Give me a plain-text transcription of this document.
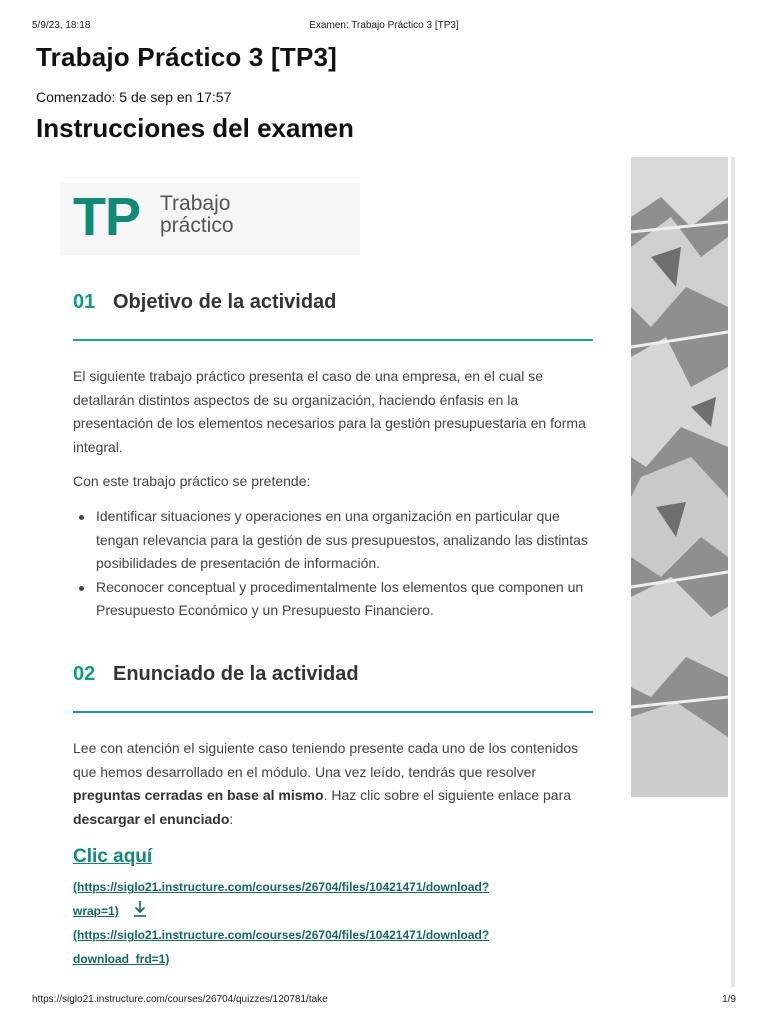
5/9/23, 18:18	Examen: Trabajo Práctico 3 [TP3]
Trabajo Práctico 3 [TP3]
Comenzado: 5 de sep en 17:57
Instrucciones del examen
TP Trabajo
práctico
01 Objetivo de la actividad

El siguiente trabajo práctico presenta el caso de una empresa, en el cual se detallarán distintos aspectos de su organización, haciendo énfasis en la presentación de los elementos necesarios para la gestión presupuestaria en forma integral.

Con este trabajo práctico se pretende:

Identificar situaciones y operaciones en una organización en particular que tengan relevancia para la gestión de sus presupuestos, analizando las distintas posibilidades de presentación de información.
Reconocer conceptual y procedimentalmente los elementos que componen un Presupuesto Económico y un Presupuesto Financiero.
02 Enunciado de la actividad

Lee con atención el siguiente caso teniendo presente cada uno de los contenidos que hemos desarrollado en el módulo. Una vez leído, tendrás que resolver preguntas cerradas en base al mismo. Haz clic sobre el siguiente enlace para descargar el enunciado:

Clic aquí
(https://siglo21.instructure.com/courses/26704/files/10421471/download?
wrap=1)
(https://siglo21.instructure.com/courses/26704/files/10421471/download?
download_frd=1)
https://siglo21.instructure.com/courses/26704/quizzes/120781/take	1/9
